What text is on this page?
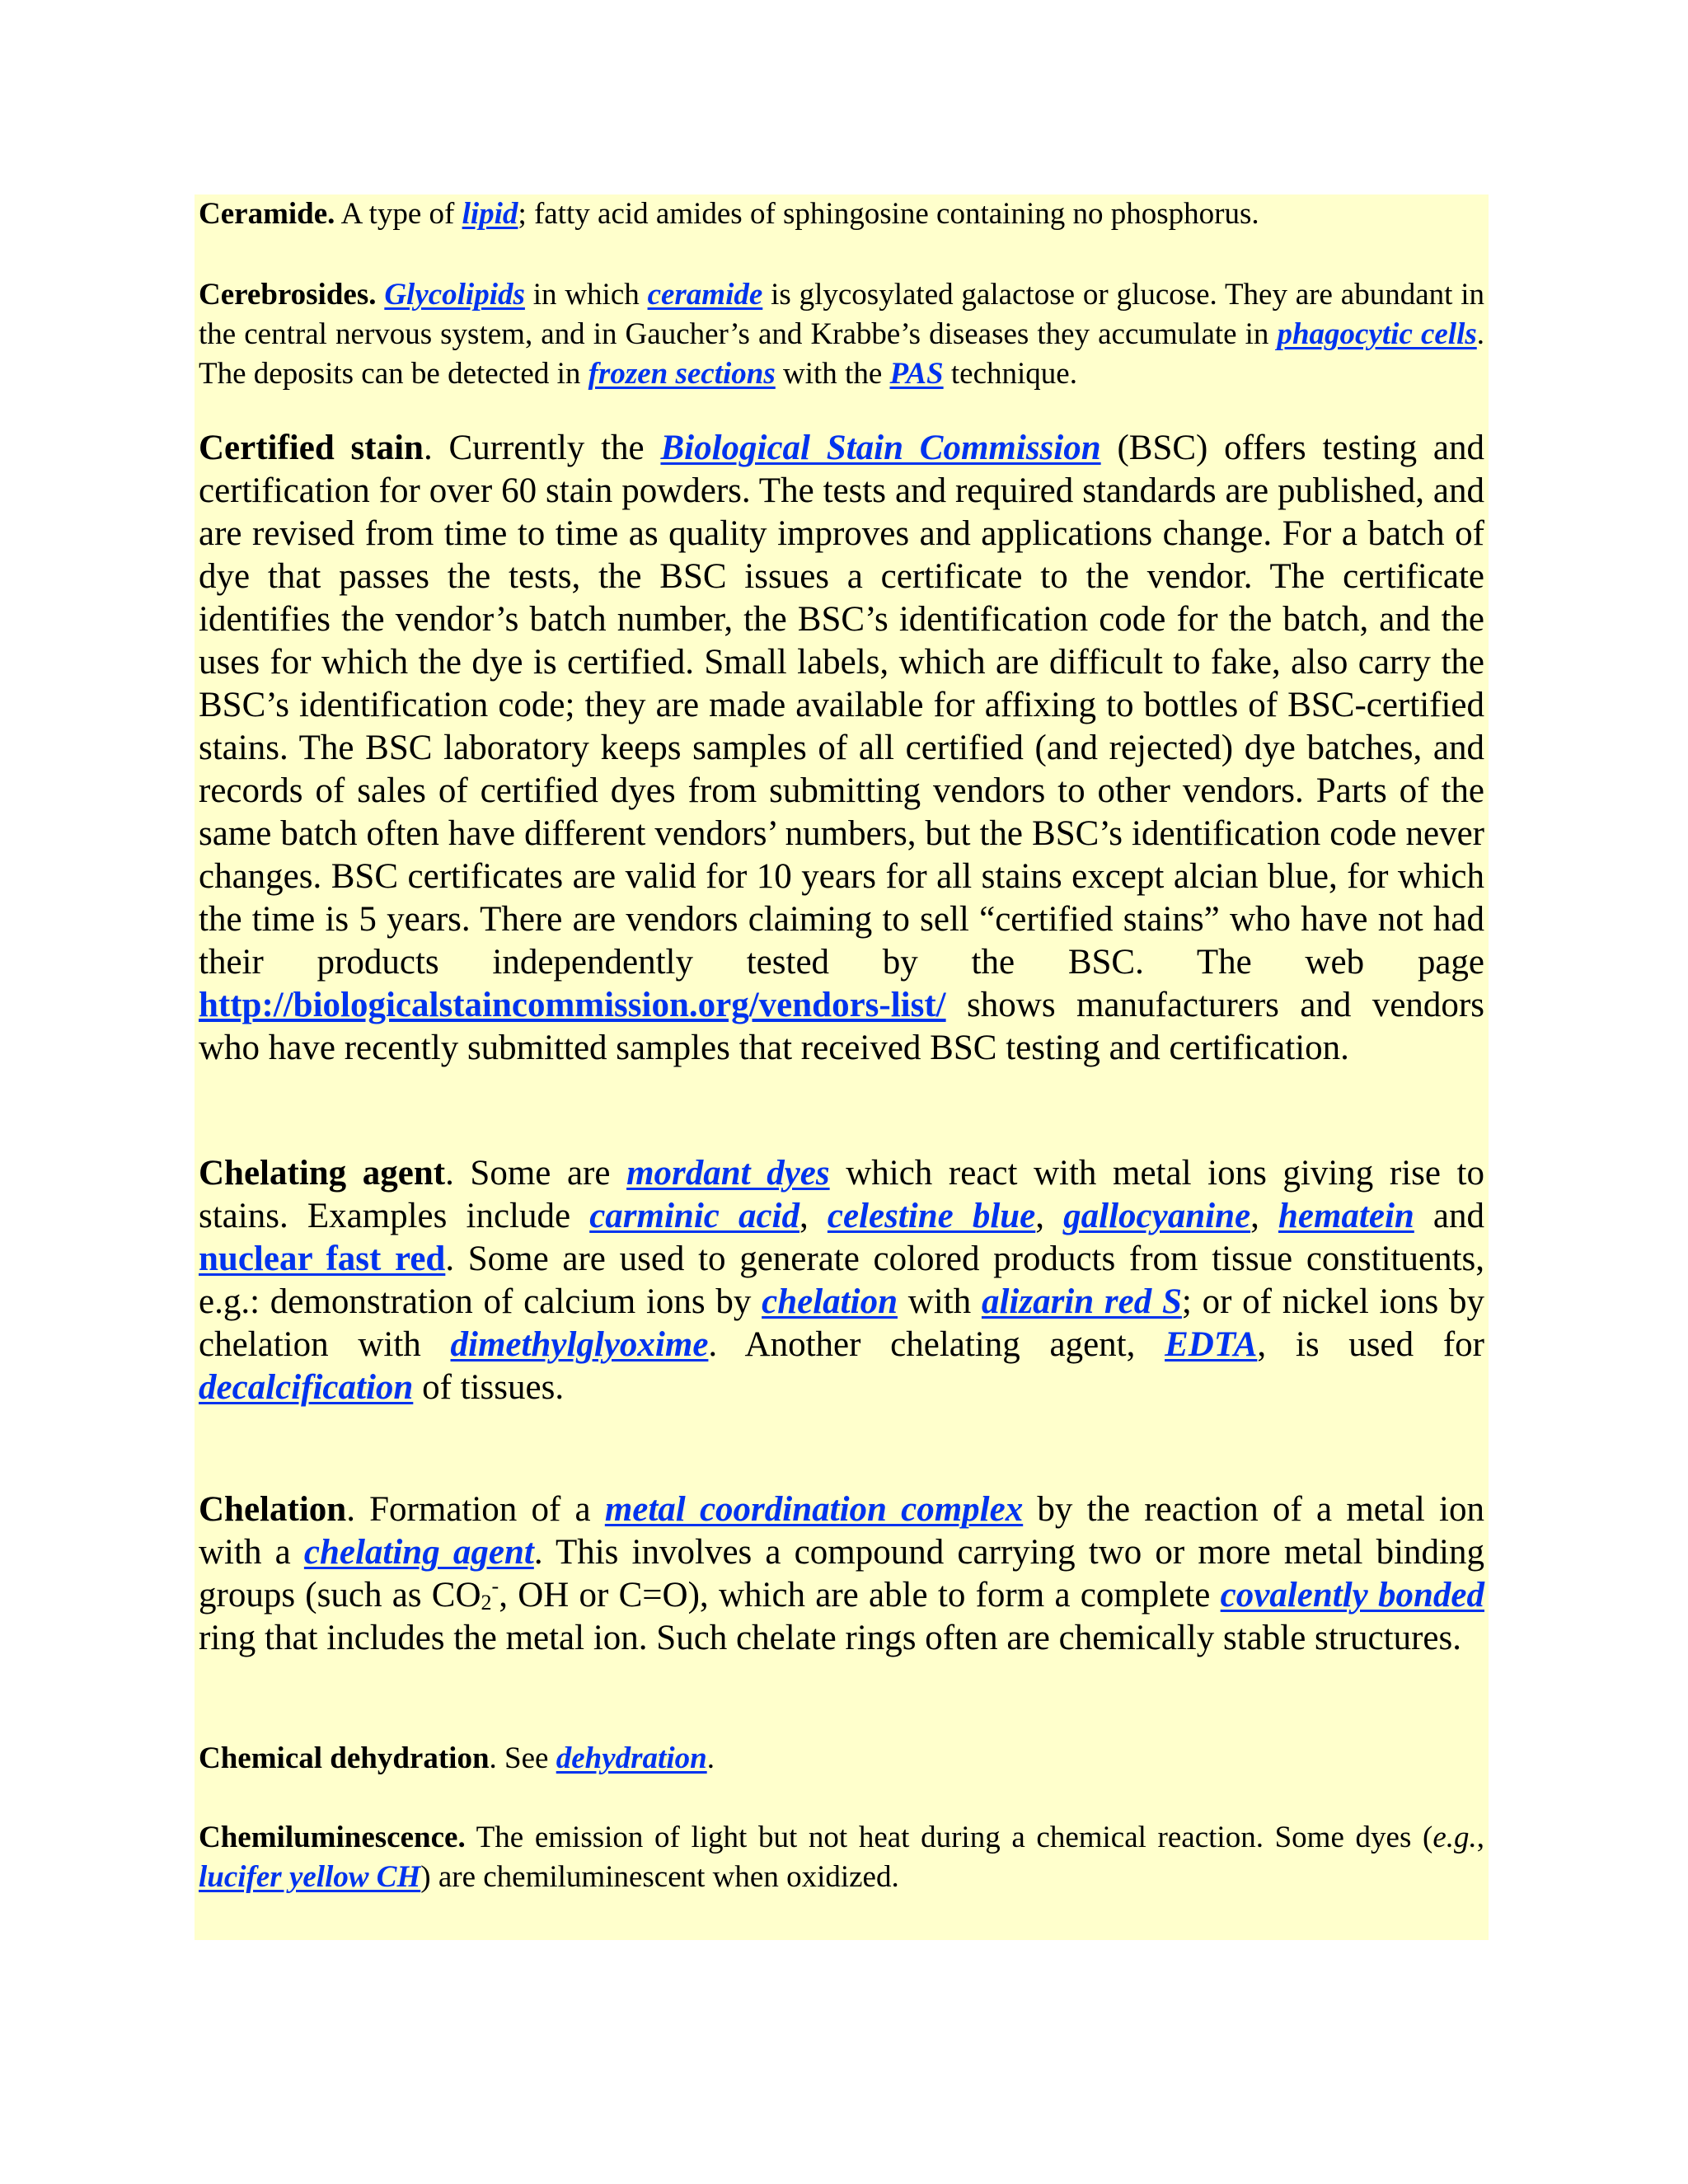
Ceramide. A type of lipid; fatty acid amides of sphingosine containing no phosphorus.

Cerebrosides. Glycolipids in which ceramide is glycosylated galactose or glucose. They are abundant in the central nervous system, and in Gaucher’s and Krabbe’s diseases they accumulate in phagocytic cells. The deposits can be detected in frozen sections with the PAS technique.

Certified stain. Currently the Biological Stain Commission (BSC) offers testing and certification for over 60 stain powders. The tests and required standards are published, and are revised from time to time as quality improves and applications change. For a batch of dye that passes the tests, the BSC issues a certificate to the vendor. The certificate identifies the vendor’s batch number, the BSC’s identification code for the batch, and the uses for which the dye is certified. Small labels, which are difficult to fake, also carry the BSC’s identification code; they are made available for affixing to bottles of BSC-certified stains. The BSC laboratory keeps samples of all certified (and rejected) dye batches, and records of sales of certified dyes from submitting vendors to other vendors. Parts of the same batch often have different vendors’ numbers, but the BSC’s identification code never changes. BSC certificates are valid for 10 years for all stains except alcian blue, for which the time is 5 years. There are vendors claiming to sell “certified stains” who have not had their products independently tested by the BSC. The web page http://biologicalstaincommission.org/vendors-list/ shows manufacturers and vendors who have recently submitted samples that received BSC testing and certification.

Chelating agent. Some are mordant dyes which react with metal ions giving rise to stains. Examples include carminic acid, celestine blue, gallocyanine, hematein and nuclear fast red. Some are used to generate colored products from tissue constituents, e.g.: demonstration of calcium ions by chelation with alizarin red S; or of nickel ions by chelation with dimethylglyoxime. Another chelating agent, EDTA, is used for decalcification of tissues.

Chelation. Formation of a metal coordination complex by the reaction of a metal ion with a chelating agent. This involves a compound carrying two or more metal binding groups (such as $CO_2^-$, OH or C=O), which are able to form a complete covalently bonded ring that includes the metal ion. Such chelate rings often are chemically stable structures.

Chemical dehydration. See dehydration.

Chemiluminescence. The emission of light but not heat during a chemical reaction. Some dyes (e.g., lucifer yellow CH) are chemiluminescent when oxidized.
